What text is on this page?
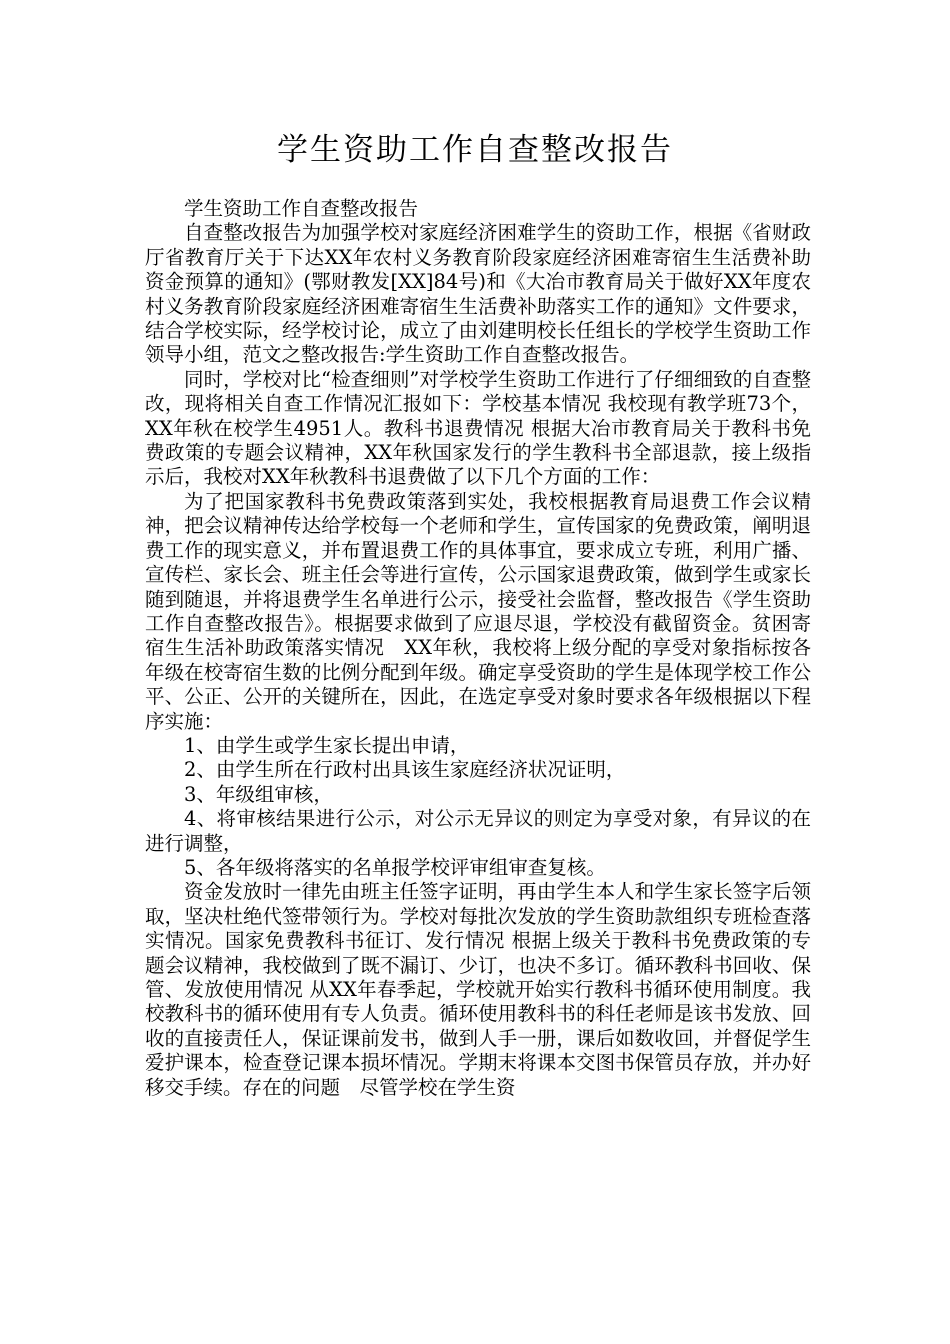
学生资助工作自查整改报告

学生资助工作自查整改报告

自查整改报告为加强学校对家庭经济困难学生的资助工作，根据《省财政厅省教育厅关于下达XX年农村义务教育阶段家庭经济困难寄宿生生活费补助资金预算的通知》(鄂财教发[XX]84号)和《大冶市教育局关于做好XX年度农村义务教育阶段家庭经济困难寄宿生生活费补助落实工作的通知》文件要求，结合学校实际，经学校讨论，成立了由刘建明校长任组长的学校学生资助工作领导小组，范文之整改报告:学生资助工作自查整改报告。

同时，学校对比“检查细则”对学校学生资助工作进行了仔细细致的自查整改，现将相关自查工作情况汇报如下：学校基本情况 我校现有教学班73个，XX年秋在校学生4951人。教科书退费情况 根据大冶市教育局关于教科书免费政策的专题会议精神，XX年秋国家发行的学生教科书全部退款，接上级指示后，我校对XX年秋教科书退费做了以下几个方面的工作：

为了把国家教科书免费政策落到实处，我校根据教育局退费工作会议精神，把会议精神传达给学校每一个老师和学生，宣传国家的免费政策，阐明退费工作的现实意义，并布置退费工作的具体事宜，要求成立专班，利用广播、宣传栏、家长会、班主任会等进行宣传，公示国家退费政策，做到学生或家长随到随退，并将退费学生名单进行公示，接受社会监督，整改报告《学生资助工作自查整改报告》。根据要求做到了应退尽退，学校没有截留资金。贫困寄宿生生活补助政策落实情况　XX年秋，我校将上级分配的享受对象指标按各年级在校寄宿生数的比例分配到年级。确定享受资助的学生是体现学校工作公平、公正、公开的关键所在，因此，在选定享受对象时要求各年级根据以下程序实施：

1、由学生或学生家长提出申请，

2、由学生所在行政村出具该生家庭经济状况证明，

3、年级组审核，

4、将审核结果进行公示，对公示无异议的则定为享受对象，有异议的在进行调整，

5、各年级将落实的名单报学校评审组审查复核。

资金发放时一律先由班主任签字证明，再由学生本人和学生家长签字后领取，坚决杜绝代签带领行为。学校对每批次发放的学生资助款组织专班检查落实情况。国家免费教科书征订、发行情况 根据上级关于教科书免费政策的专题会议精神，我校做到了既不漏订、少订，也决不多订。循环教科书回收、保管、发放使用情况 从XX年春季起，学校就开始实行教科书循环使用制度。我校教科书的循环使用有专人负责。循环使用教科书的科任老师是该书发放、回收的直接责任人，保证课前发书，做到人手一册，课后如数收回，并督促学生爱护课本，检查登记课本损坏情况。学期末将课本交图书保管员存放，并办好移交手续。存在的问题　尽管学校在学生资
